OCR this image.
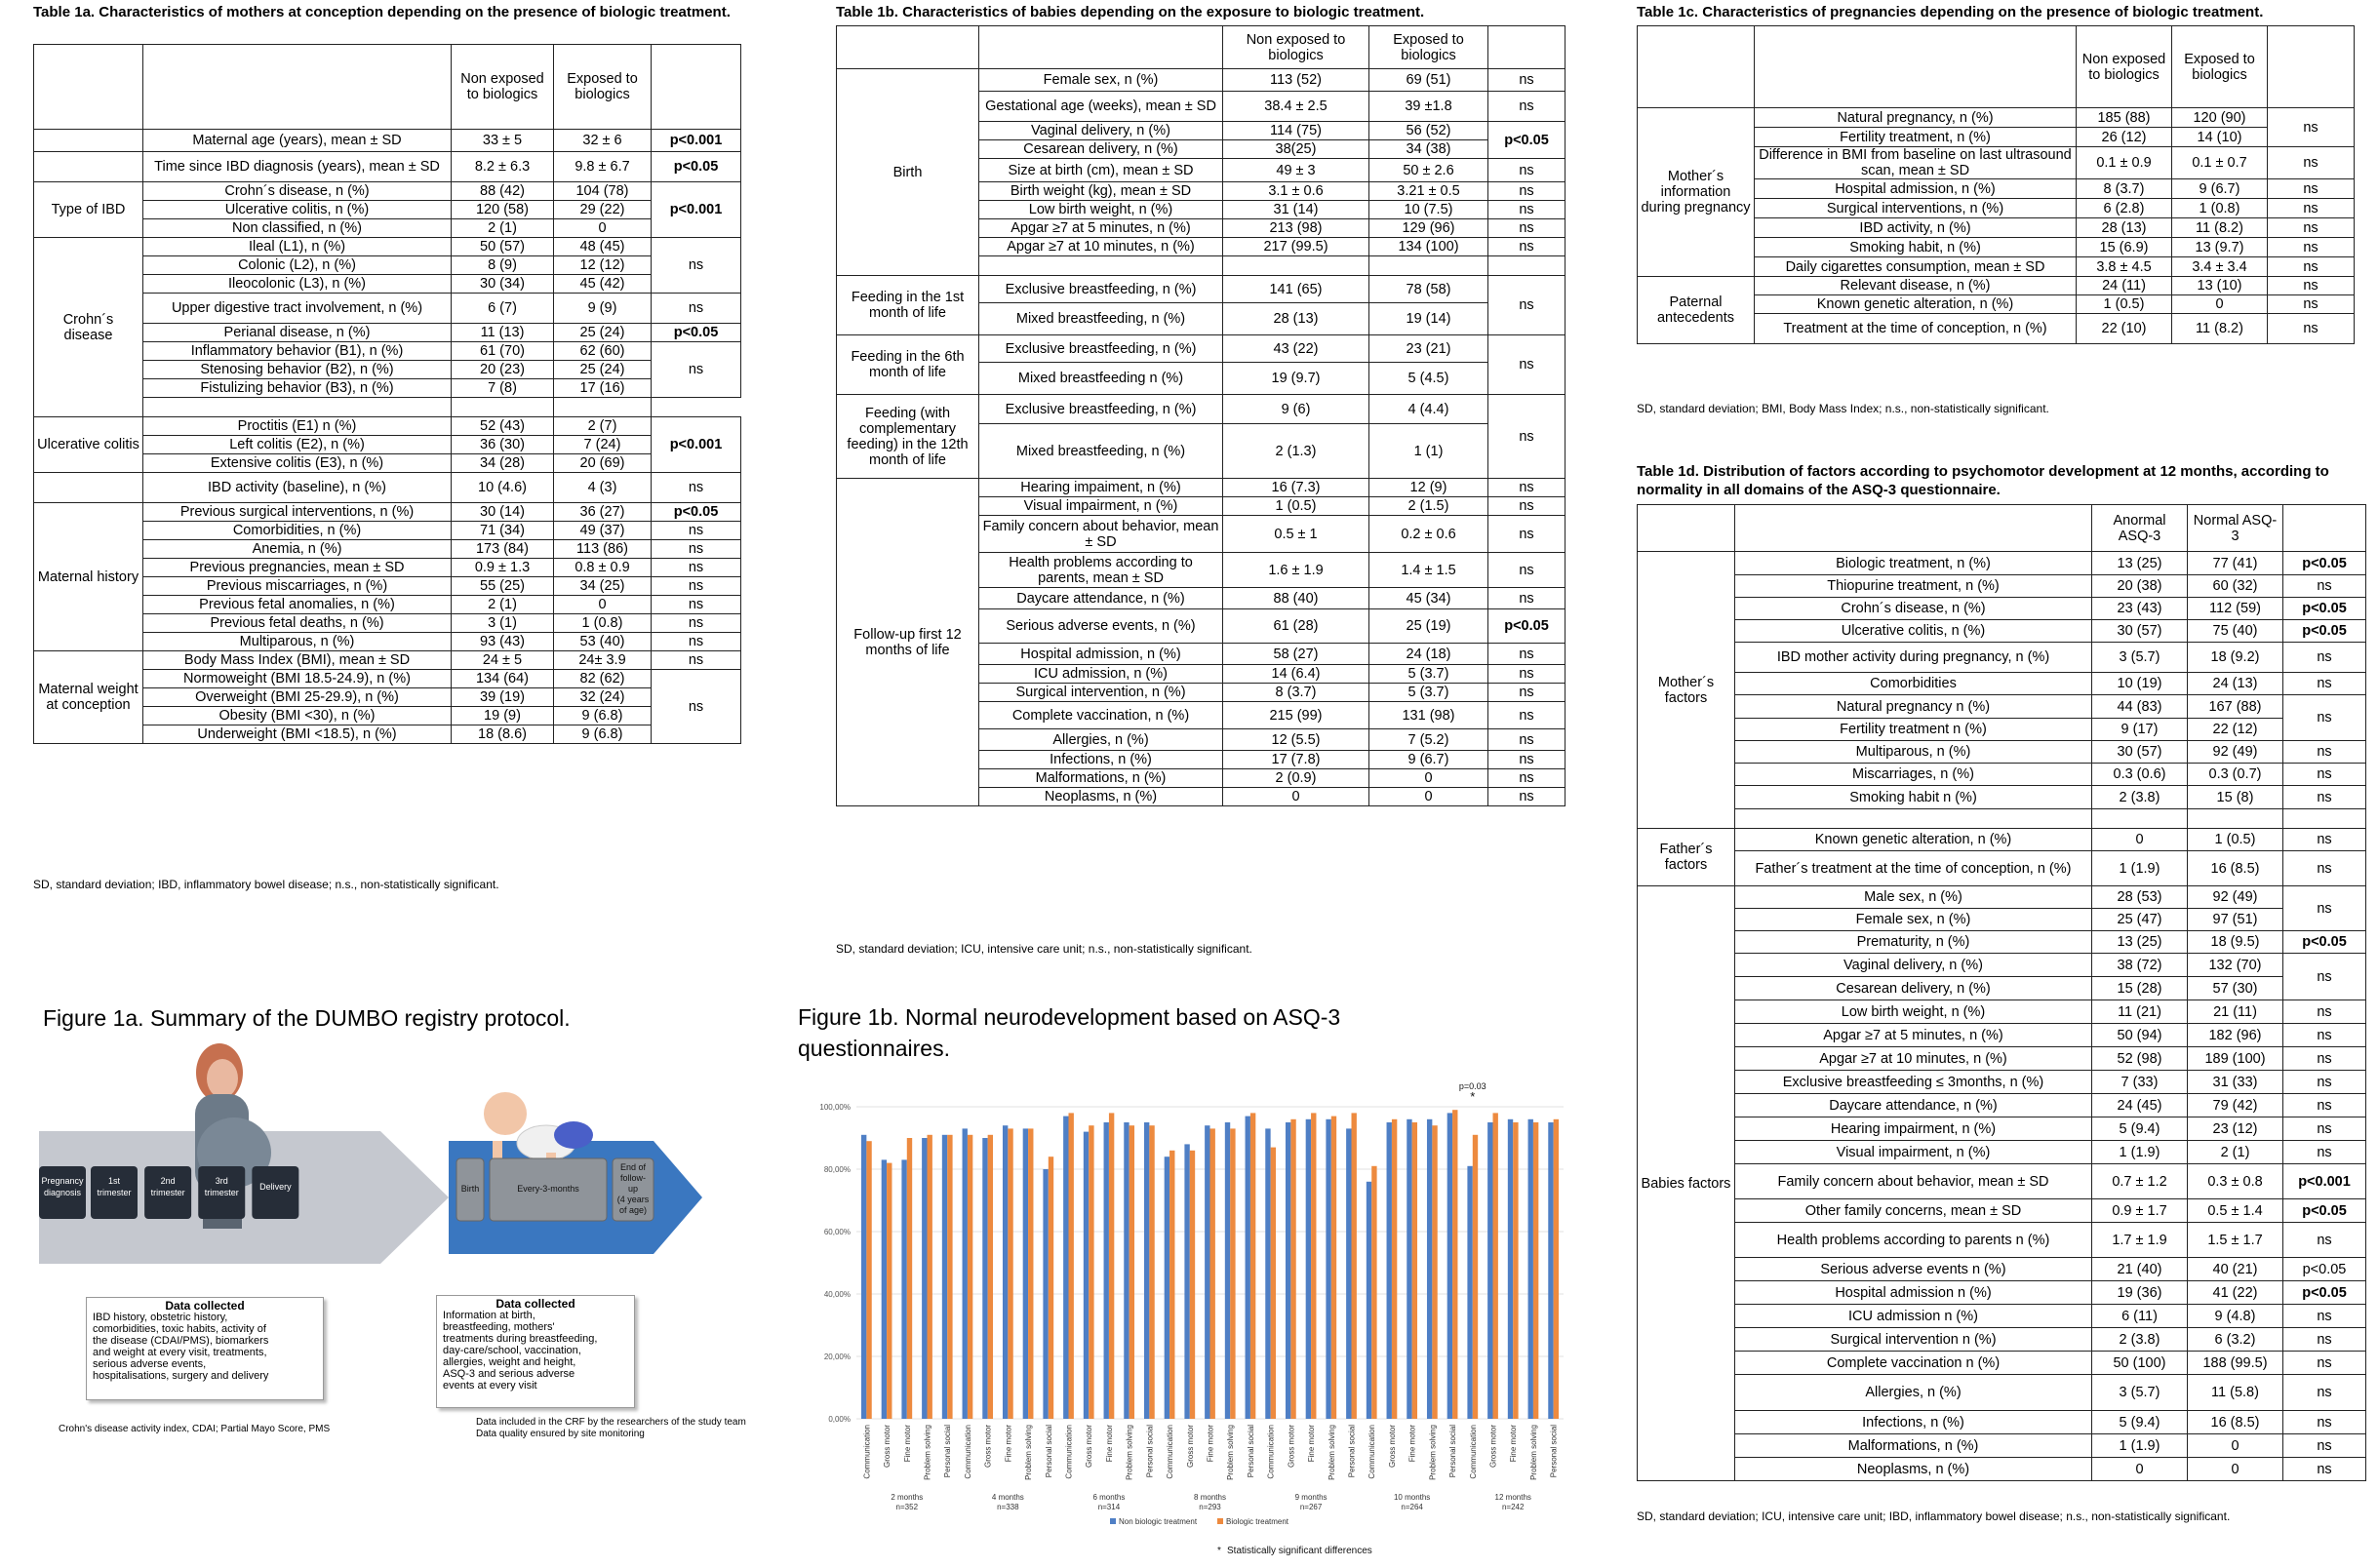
Table 1a. Characteristics of mothers at conception depending on the presence of biologic treatment.
		Non exposed to biologics	Exposed to biologics	
	Maternal age (years), mean ± SD	33 ± 5	32 ± 6	p<0.001
	Time since IBD diagnosis (years), mean ± SD	8.2 ± 6.3	9.8 ± 6.7	p<0.05
Type of IBD	Crohn´s disease, n (%)	88 (42)	104 (78)	p<0.001
	Ulcerative colitis, n (%)	120 (58)	29 (22)	
	Non classified, n (%)	2 (1)	0	
Crohn´s disease	Ileal (L1), n (%)	50 (57)	48 (45)	ns
	Colonic (L2), n (%)	8 (9)	12 (12)	
	Ileocolonic (L3), n (%)	30 (34)	45 (42)	
	Upper digestive tract involvement, n (%)	6 (7)	9 (9)	ns
	Perianal disease, n (%)	11 (13)	25 (24)	p<0.05
	Inflammatory behavior (B1), n (%)	61 (70)	62 (60)	ns
	Stenosing behavior (B2), n (%)	20 (23)	25 (24)	
	Fistulizing behavior (B3), n (%)	7 (8)	17 (16)	

Ulcerative colitis	Proctitis (E1) n (%)	52 (43)	2 (7)	p<0.001
	Left colitis (E2), n (%)	36 (30)	7 (24)	
	Extensive colitis (E3), n (%)	34 (28)	20 (69)	
	IBD activity (baseline), n (%)	10 (4.6)	4 (3)	ns
Maternal history	Previous surgical interventions, n (%)	30 (14)	36 (27)	p<0.05
	Comorbidities, n (%)	71 (34)	49 (37)	ns
	Anemia, n (%)	173 (84)	113 (86)	ns
	Previous pregnancies, mean ± SD	0.9 ± 1.3	0.8 ± 0.9	ns
	Previous miscarriages, n (%)	55 (25)	34 (25)	ns
	Previous fetal anomalies, n (%)	2 (1)	0	ns
	Previous fetal deaths, n (%)	3 (1)	1 (0.8)	ns
	Multiparous, n (%)	93 (43)	53 (40)	ns
Maternal weight at conception	Body Mass Index (BMI), mean ± SD	24 ± 5	24± 3.9	ns
	Normoweight (BMI 18.5-24.9), n (%)	134 (64)	82 (62)	ns
	Overweight (BMI 25-29.9), n (%)	39 (19)	32 (24)	
	Obesity (BMI <30), n (%)	19 (9)	9 (6.8)	
	Underweight (BMI <18.5), n (%)	18 (8.6)	9 (6.8)	
SD, standard deviation; IBD, inflammatory bowel disease; n.s., non-statistically significant.
Table 1b. Characteristics of babies depending on the exposure to biologic treatment.
		Non exposed to biologics	Exposed to biologics	
Birth	Female sex, n (%)	113 (52)	69 (51)	ns
	Gestational age (weeks), mean ± SD	38.4 ± 2.5	39 ±1.8	ns
	Vaginal delivery, n (%)	114 (75)	56 (52)	p<0.05
	Cesarean delivery, n (%)	38(25)	34 (38)	
	Size at birth (cm), mean ± SD	49 ± 3	50 ± 2.6	ns
	Birth weight (kg), mean ± SD	3.1 ± 0.6	3.21 ± 0.5	ns
	Low birth weight, n (%)	31 (14)	10 (7.5)	ns
	Apgar ≥7 at 5 minutes, n (%)	213 (98)	129 (96)	ns
	Apgar ≥7 at 10 minutes, n (%)	217 (99.5)	134 (100)	ns

Feeding in the 1st month of life	Exclusive breastfeeding, n (%)	141 (65)	78 (58)	ns
	Mixed breastfeeding, n (%)	28 (13)	19 (14)	
Feeding in the 6th month of life	Exclusive breastfeeding, n (%)	43 (22)	23 (21)	ns
	Mixed breastfeeding n (%)	19 (9.7)	5 (4.5)	
Feeding (with complementary feeding) in the 12th month of life	Exclusive breastfeeding, n (%)	9 (6)	4 (4.4)	ns
	Mixed breastfeeding, n (%)	2 (1.3)	1 (1)	
Follow-up first 12 months of life	Hearing impaiment, n (%)	16 (7.3)	12 (9)	ns
	Visual impairment, n (%)	1 (0.5)	2 (1.5)	ns
	Family concern about behavior, mean ± SD	0.5 ± 1	0.2 ± 0.6	ns
	Health problems according to parents, mean ± SD	1.6 ± 1.9	1.4 ± 1.5	ns
	Daycare attendance, n (%)	88 (40)	45 (34)	ns
	Serious adverse events, n (%)	61 (28)	25 (19)	p<0.05
	Hospital admission, n (%)	58 (27)	24 (18)	ns
	ICU admission, n (%)	14 (6.4)	5 (3.7)	ns
	Surgical intervention, n (%)	8 (3.7)	5 (3.7)	ns
	Complete vaccination, n (%)	215 (99)	131 (98)	ns
	Allergies, n (%)	12 (5.5)	7 (5.2)	ns
	Infections, n (%)	17 (7.8)	9 (6.7)	ns
	Malformations, n (%)	2 (0.9)	0	ns
	Neoplasms, n (%)	0	0	ns
SD, standard deviation; ICU, intensive care unit; n.s., non-statistically significant.
Table 1c. Characteristics of pregnancies depending on the presence of biologic treatment.
		Non exposed to biologics	Exposed to biologics	
Mother´s information during pregnancy	Natural pregnancy, n (%)	185 (88)	120 (90)	ns
	Fertility treatment, n (%)	26 (12)	14 (10)	
	Difference in BMI from baseline on last ultrasound scan, mean ± SD	0.1 ± 0.9	0.1 ± 0.7	ns
	Hospital admission, n (%)	8 (3.7)	9 (6.7)	ns
	Surgical interventions, n (%)	6 (2.8)	1 (0.8)	ns
	IBD activity, n (%)	28 (13)	11 (8.2)	ns
	Smoking habit, n (%)	15 (6.9)	13 (9.7)	ns
	Daily cigarettes consumption, mean ± SD	3.8 ± 4.5	3.4 ± 3.4	ns
Paternal antecedents	Relevant disease, n (%)	24 (11)	13 (10)	ns
	Known genetic alteration, n (%)	1 (0.5)	0	ns
	Treatment at the time of conception, n (%)	22 (10)	11 (8.2)	ns
SD, standard deviation; BMI, Body Mass Index; n.s., non-statistically significant.
Table 1d. Distribution of factors according to psychomotor development at 12 months, according to normality in all domains of the ASQ-3 questionnaire.
		Anormal ASQ-3	Normal ASQ-3	
Mother´s factors	Biologic treatment, n (%)	13 (25)	77 (41)	p<0.05
	Thiopurine treatment, n (%)	20 (38)	60 (32)	ns
	Crohn´s disease, n (%)	23 (43)	112 (59)	p<0.05
	Ulcerative colitis, n (%)	30 (57)	75 (40)	p<0.05
	IBD mother activity during pregnancy, n (%)	3 (5.7)	18 (9.2)	ns
	Comorbidities	10 (19)	24 (13)	ns
	Natural pregnancy n (%)	44 (83)	167 (88)	ns
	Fertility treatment n (%)	9 (17)	22 (12)	
	Multiparous, n (%)	30 (57)	92 (49)	ns
	Miscarriages, n (%)	0.3 (0.6)	0.3 (0.7)	ns
	Smoking habit n (%)	2 (3.8)	15 (8)	ns

Father´s factors	Known genetic alteration, n (%)	0	1 (0.5)	ns
	Father´s treatment at the time of conception, n (%)	1 (1.9)	16 (8.5)	ns
Babies factors	Male sex, n (%)	28 (53)	92 (49)	ns
	Female sex, n (%)	25 (47)	97 (51)	
	Prematurity, n (%)	13 (25)	18 (9.5)	p<0.05
	Vaginal delivery, n (%)	38 (72)	132 (70)	ns
	Cesarean delivery, n (%)	15 (28)	57 (30)	
	Low birth weight, n (%)	11 (21)	21 (11)	ns
	Apgar ≥7 at 5 minutes, n (%)	50 (94)	182 (96)	ns
	Apgar ≥7 at 10 minutes, n (%)	52 (98)	189 (100)	ns
	Exclusive breastfeeding ≤ 3months, n (%)	7 (33)	31 (33)	ns
	Daycare attendance, n (%)	24 (45)	79 (42)	ns
	Hearing impairment, n (%)	5 (9.4)	23 (12)	ns
	Visual impairment, n (%)	1 (1.9)	2 (1)	ns
	Family concern about behavior, mean ± SD	0.7 ± 1.2	0.3 ± 0.8	p<0.001
	Other family concerns, mean ± SD	0.9 ± 1.7	0.5 ± 1.4	p<0.05
	Health problems according to parents n (%)	1.7 ± 1.9	1.5 ± 1.7	ns
	Serious adverse events n (%)	21 (40)	40 (21)	p<0.05
	Hospital admission n (%)	19 (36)	41 (22)	p<0.05
	ICU admission n (%)	6 (11)	9 (4.8)	ns
	Surgical intervention n (%)	2 (3.8)	6 (3.2)	ns
	Complete vaccination n (%)	50 (100)	188 (99.5)	ns
	Allergies, n (%)	3 (5.7)	11 (5.8)	ns
	Infections, n (%)	5 (9.4)	16 (8.5)	ns
	Malformations, n (%)	1 (1.9)	0	ns
	Neoplasms, n (%)	0	0	ns
SD, standard deviation; ICU, intensive care unit; IBD, inflammatory bowel disease; n.s., non-statistically significant.
Figure 1a. Summary of the DUMBO registry protocol.
Pregnancy
diagnosis
1st
trimester
2nd
trimester
3rd
trimester
Delivery	Birth	Every-3-months
End of
follow-
up
(4 years
of age)
Data collected
IBD history, obstetric history,
comorbidities, toxic habits, activity of
the disease (CDAI/PMS), biomarkers
and weight at every visit, treatments,
serious adverse events,
hospitalisations, surgery and delivery
Data collected
Information at birth,
breastfeeding, mothers'
treatments during breastfeeding,
day-care/school, vaccination,
allergies, weight and height,
ASQ-3 and serious adverse
events at every visit
Crohn's disease activity index, CDAI; Partial Mayo Score, PMS
Data included in the CRF by the researchers of the study team
Data quality ensured by site monitoring
Figure 1b. Normal neurodevelopment based on ASQ-3 questionnaires.
0,00%
20,00%
40,00%
60,00%
80,00%
100,00%
Communication Gross motor Fine motor Problem solving Personal social Communication Gross motor Fine motor Problem solving Personal social Communication Gross motor Fine motor Problem solving Personal social Communication Gross motor Fine motor Problem solving Personal social Communication Gross motor Fine motor Problem solving Personal social Communication Gross motor Fine motor Problem solving Personal social Communication Gross motor Fine motor Problem solving Personal social
2 months
n=352
4 months
n=338
6 months
n=314
8 months
n=293
9 months
n=267
10 months
n=264
12 months
n=242
p=0.03
*
Non biologic treatment	Biologic treatment
* Statistically significant differences
